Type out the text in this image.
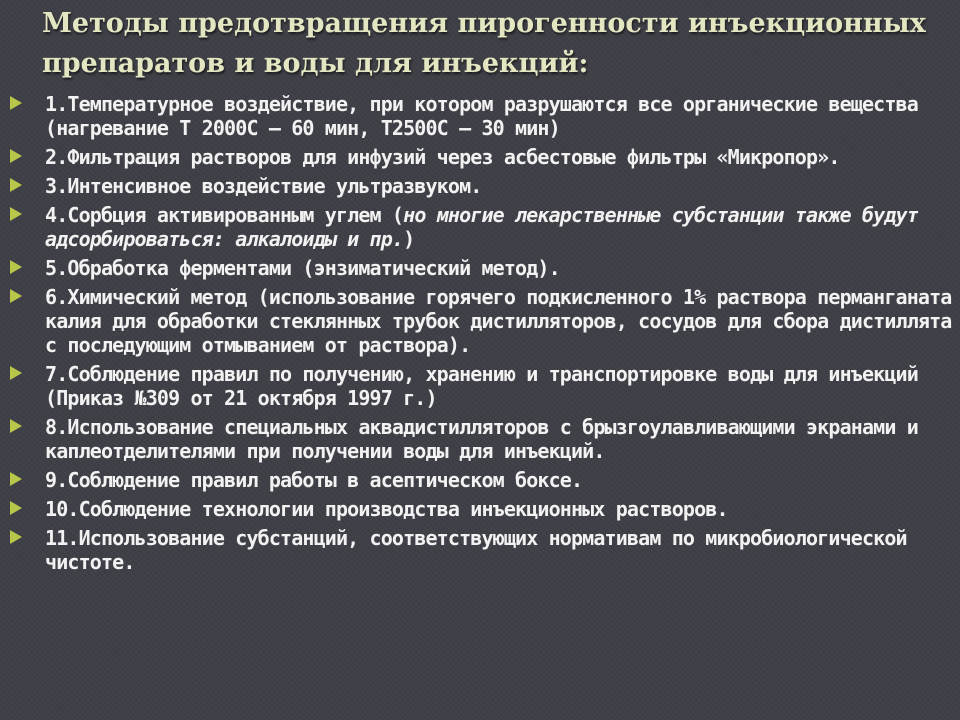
Методы предотвращения пирогенности инъекционных препаратов и воды для инъекций:
1.Температурное воздействие, при котором разрушаются все органические вещества (нагревание Т 2000С – 60 мин, Т2500С – 30 мин)
2.Фильтрация растворов для инфузий через асбестовые фильтры «Микропор».
3.Интенсивное воздействие ультразвуком.
4.Сорбция активированным углем (но многие лекарственные субстанции также будут адсорбироваться: алкалоиды и пр.)
5.Обработка ферментами (энзиматический метод).
6.Химический метод (использование горячего подкисленного 1% раствора перманганата калия для обработки стеклянных трубок дистилляторов, сосудов для сбора дистиллята с последующим отмыванием от раствора).
7.Соблюдение правил по получению, хранению и транспортировке воды для инъекций (Приказ №309 от 21 октября 1997 г.)
8.Использование специальных аквадистилляторов с брызгоулавливающими экранами и каплеотделителями при получении воды для инъекций.
9.Соблюдение правил работы в асептическом боксе.
10.Соблюдение технологии производства инъекционных растворов.
11.Использование субстанций, соответствующих нормативам по микробиологической чистоте.
